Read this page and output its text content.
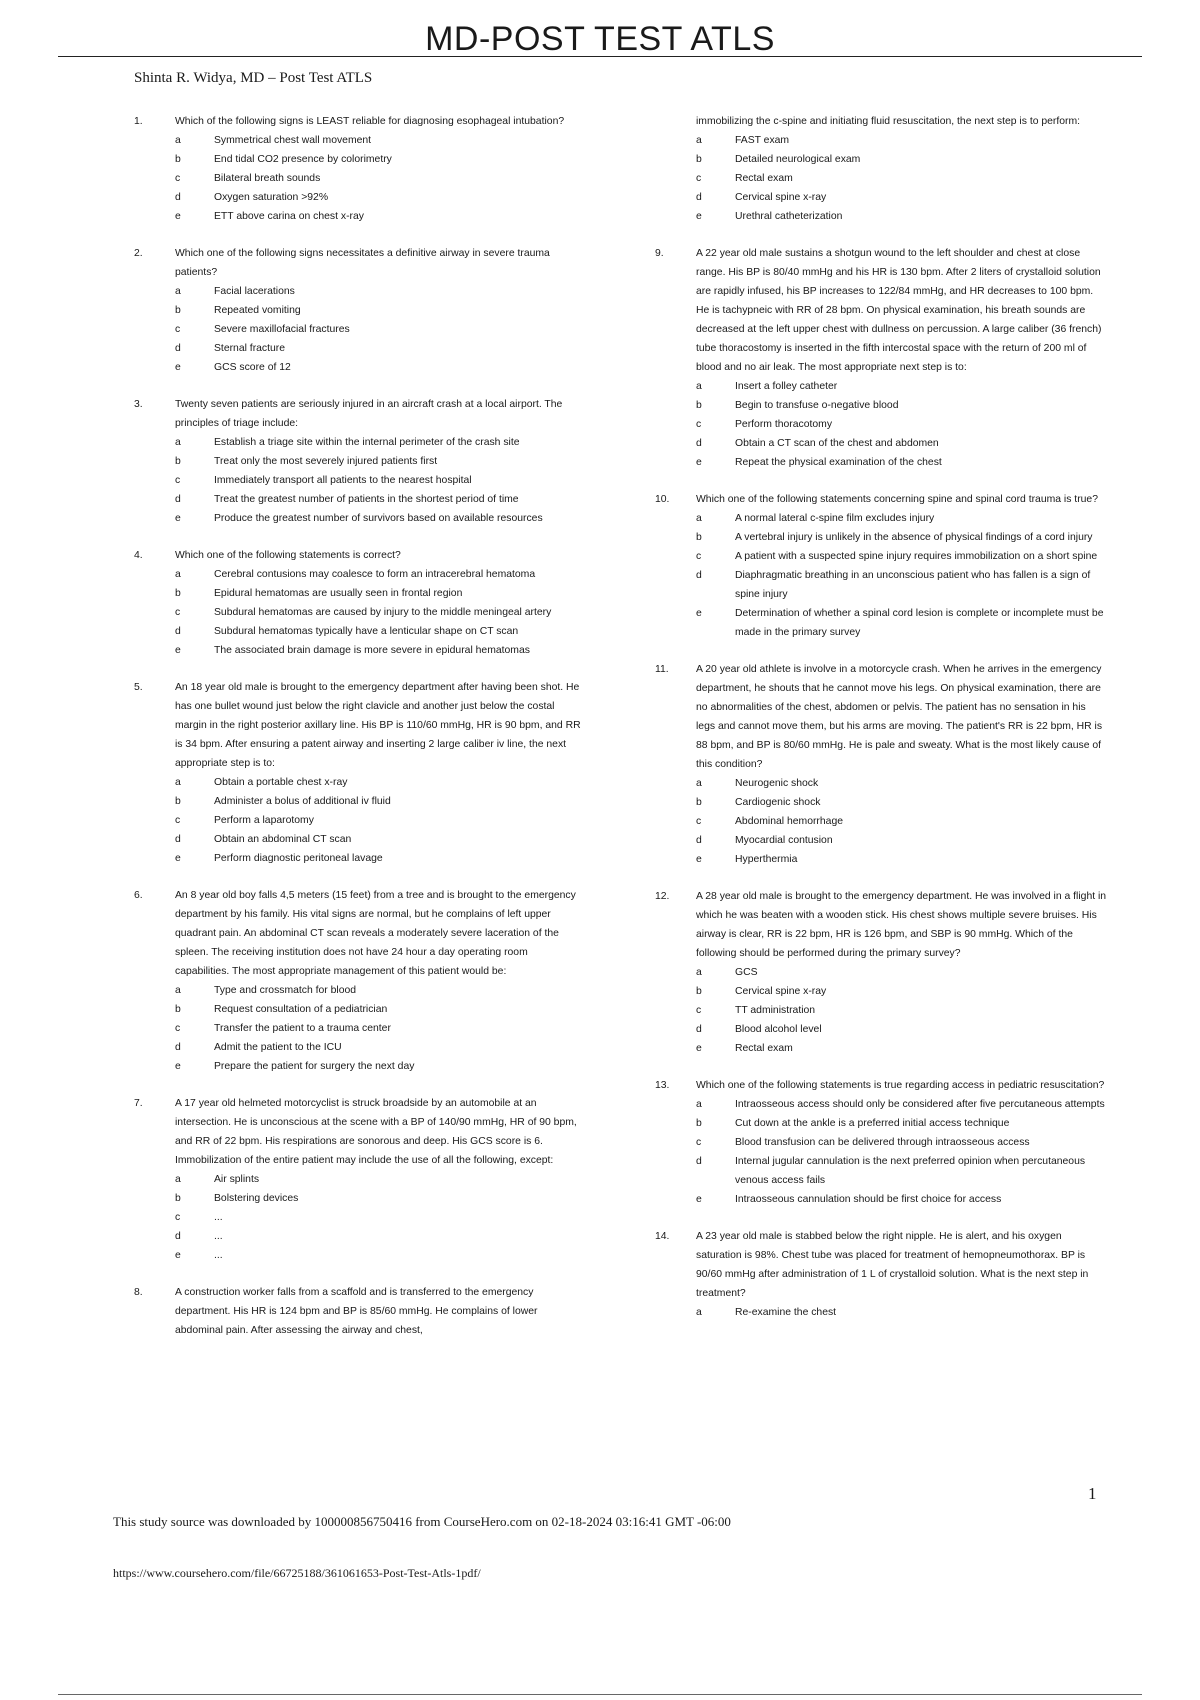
MD-POST TEST ATLS
Shinta R. Widya, MD – Post Test ATLS
1.	Which of the following signs is LEAST reliable for diagnosing esophageal intubation?
a	Symmetrical chest wall movement
b	End tidal CO2 presence by colorimetry
c	Bilateral breath sounds
d	Oxygen saturation >92%
e	ETT above carina on chest x-ray
2.	Which one of the following signs necessitates a definitive airway in severe trauma patients?
a	Facial lacerations
b	Repeated vomiting
c	Severe maxillofacial fractures
d	Sternal fracture
e	GCS score of 12
3.	Twenty seven patients are seriously injured in an aircraft crash at a local airport. The principles of triage include:
a	Establish a triage site within the internal perimeter of the crash site
b	Treat only the most severely injured patients first
c	Immediately transport all patients to the nearest hospital
d	Treat the greatest number of patients in the shortest period of time
e	Produce the greatest number of survivors based on available resources
4.	Which one of the following statements is correct?
a	Cerebral contusions may coalesce to form an intracerebral hematoma
b	Epidural hematomas are usually seen in frontal region
c	Subdural hematomas are caused by injury to the middle meningeal artery
d	Subdural hematomas typically have a lenticular shape on CT scan
e	The associated brain damage is more severe in epidural hematomas
5.	An 18 year old male is brought to the emergency department after having been shot. He has one bullet wound just below the right clavicle and another just below the costal margin in the right posterior axillary line. His BP is 110/60 mmHg, HR is 90 bpm, and RR is 34 bpm. After ensuring a patent airway and inserting 2 large caliber iv line, the next appropriate step is to:
a	Obtain a portable chest x-ray
b	Administer a bolus of additional iv fluid
c	Perform a laparotomy
d	Obtain an abdominal CT scan
e	Perform diagnostic peritoneal lavage
6.	An 8 year old boy falls 4,5 meters (15 feet) from a tree and is brought to the emergency department by his family. His vital signs are normal, but he complains of left upper quadrant pain. An abdominal CT scan reveals a moderately severe laceration of the spleen. The receiving institution does not have 24 hour a day operating room capabilities. The most appropriate management of this patient would be:
a	Type and crossmatch for blood
b	Request consultation of a pediatrician
c	Transfer the patient to a trauma center
d	Admit the patient to the ICU
e	Prepare the patient for surgery the next day
7.	A 17 year old helmeted motorcyclist is struck broadside by an automobile at an intersection. He is unconscious at the scene with a BP of 140/90 mmHg, HR of 90 bpm, and RR of 22 bpm. His respirations are sonorous and deep. His GCS score is 6. Immobilization of the entire patient may include the use of all the following, except:
a	Air splints
b	Bolstering devices
c	...
d	...
e	...
8.	A construction worker falls from a scaffold and is transferred to the emergency department. His HR is 124 bpm and BP is 85/60 mmHg. He complains of lower abdominal pain. After assessing the airway and chest,
immobilizing the c-spine and initiating fluid resuscitation, the next step is to perform:
a	FAST exam
b	Detailed neurological exam
c	Rectal exam
d	Cervical spine x-ray
e	Urethral catheterization
9.	A 22 year old male sustains a shotgun wound to the left shoulder and chest at close range. His BP is 80/40 mmHg and his HR is 130 bpm. After 2 liters of crystalloid solution are rapidly infused, his BP increases to 122/84 mmHg, and HR decreases to 100 bpm. He is tachypneic with RR of 28 bpm. On physical examination, his breath sounds are decreased at the left upper chest with dullness on percussion. A large caliber (36 french) tube thoracostomy is inserted in the fifth intercostal space with the return of 200 ml of blood and no air leak. The most appropriate next step is to:
a	Insert a folley catheter
b	Begin to transfuse o-negative blood
c	Perform thoracotomy
d	Obtain a CT scan of the chest and abdomen
e	Repeat the physical examination of the chest
10.	Which one of the following statements concerning spine and spinal cord trauma is true?
a	A normal lateral c-spine film excludes injury
b	A vertebral injury is unlikely in the absence of physical findings of a cord injury
c	A patient with a suspected spine injury requires immobilization on a short spine
d	Diaphragmatic breathing in an unconscious patient who has fallen is a sign of spine injury
e	Determination of whether a spinal cord lesion is complete or incomplete must be made in the primary survey
11.	A 20 year old athlete is involve in a motorcycle crash. When he arrives in the emergency department, he shouts that he cannot move his legs. On physical examination, there are no abnormalities of the chest, abdomen or pelvis. The patient has no sensation in his legs and cannot move them, but his arms are moving. The patient's RR is 22 bpm, HR is 88 bpm, and BP is 80/60 mmHg. He is pale and sweaty. What is the most likely cause of this condition?
a	Neurogenic shock
b	Cardiogenic shock
c	Abdominal hemorrhage
d	Myocardial contusion
e	Hyperthermia
12.	A 28 year old male is brought to the emergency department. He was involved in a flight in which he was beaten with a wooden stick. His chest shows multiple severe bruises. His airway is clear, RR is 22 bpm, HR is 126 bpm, and SBP is 90 mmHg. Which of the following should be performed during the primary survey?
a	GCS
b	Cervical spine x-ray
c	TT administration
d	Blood alcohol level
e	Rectal exam
13.	Which one of the following statements is true regarding access in pediatric resuscitation?
a	Intraosseous access should only be considered after five percutaneous attempts
b	Cut down at the ankle is a preferred initial access technique
c	Blood transfusion can be delivered through intraosseous access
d	Internal jugular cannulation is the next preferred opinion when percutaneous venous access fails
e	Intraosseous cannulation should be first choice for access
14.	A 23 year old male is stabbed below the right nipple. He is alert, and his oxygen saturation is 98%. Chest tube was placed for treatment of hemopneumothorax. BP is 90/60 mmHg after administration of 1 L of crystalloid solution. What is the next step in treatment?
a	Re-examine the chest
1
This study source was downloaded by 100000856750416 from CourseHero.com on 02-18-2024 03:16:41 GMT -06:00
https://www.coursehero.com/file/66725188/361061653-Post-Test-Atls-1pdf/
